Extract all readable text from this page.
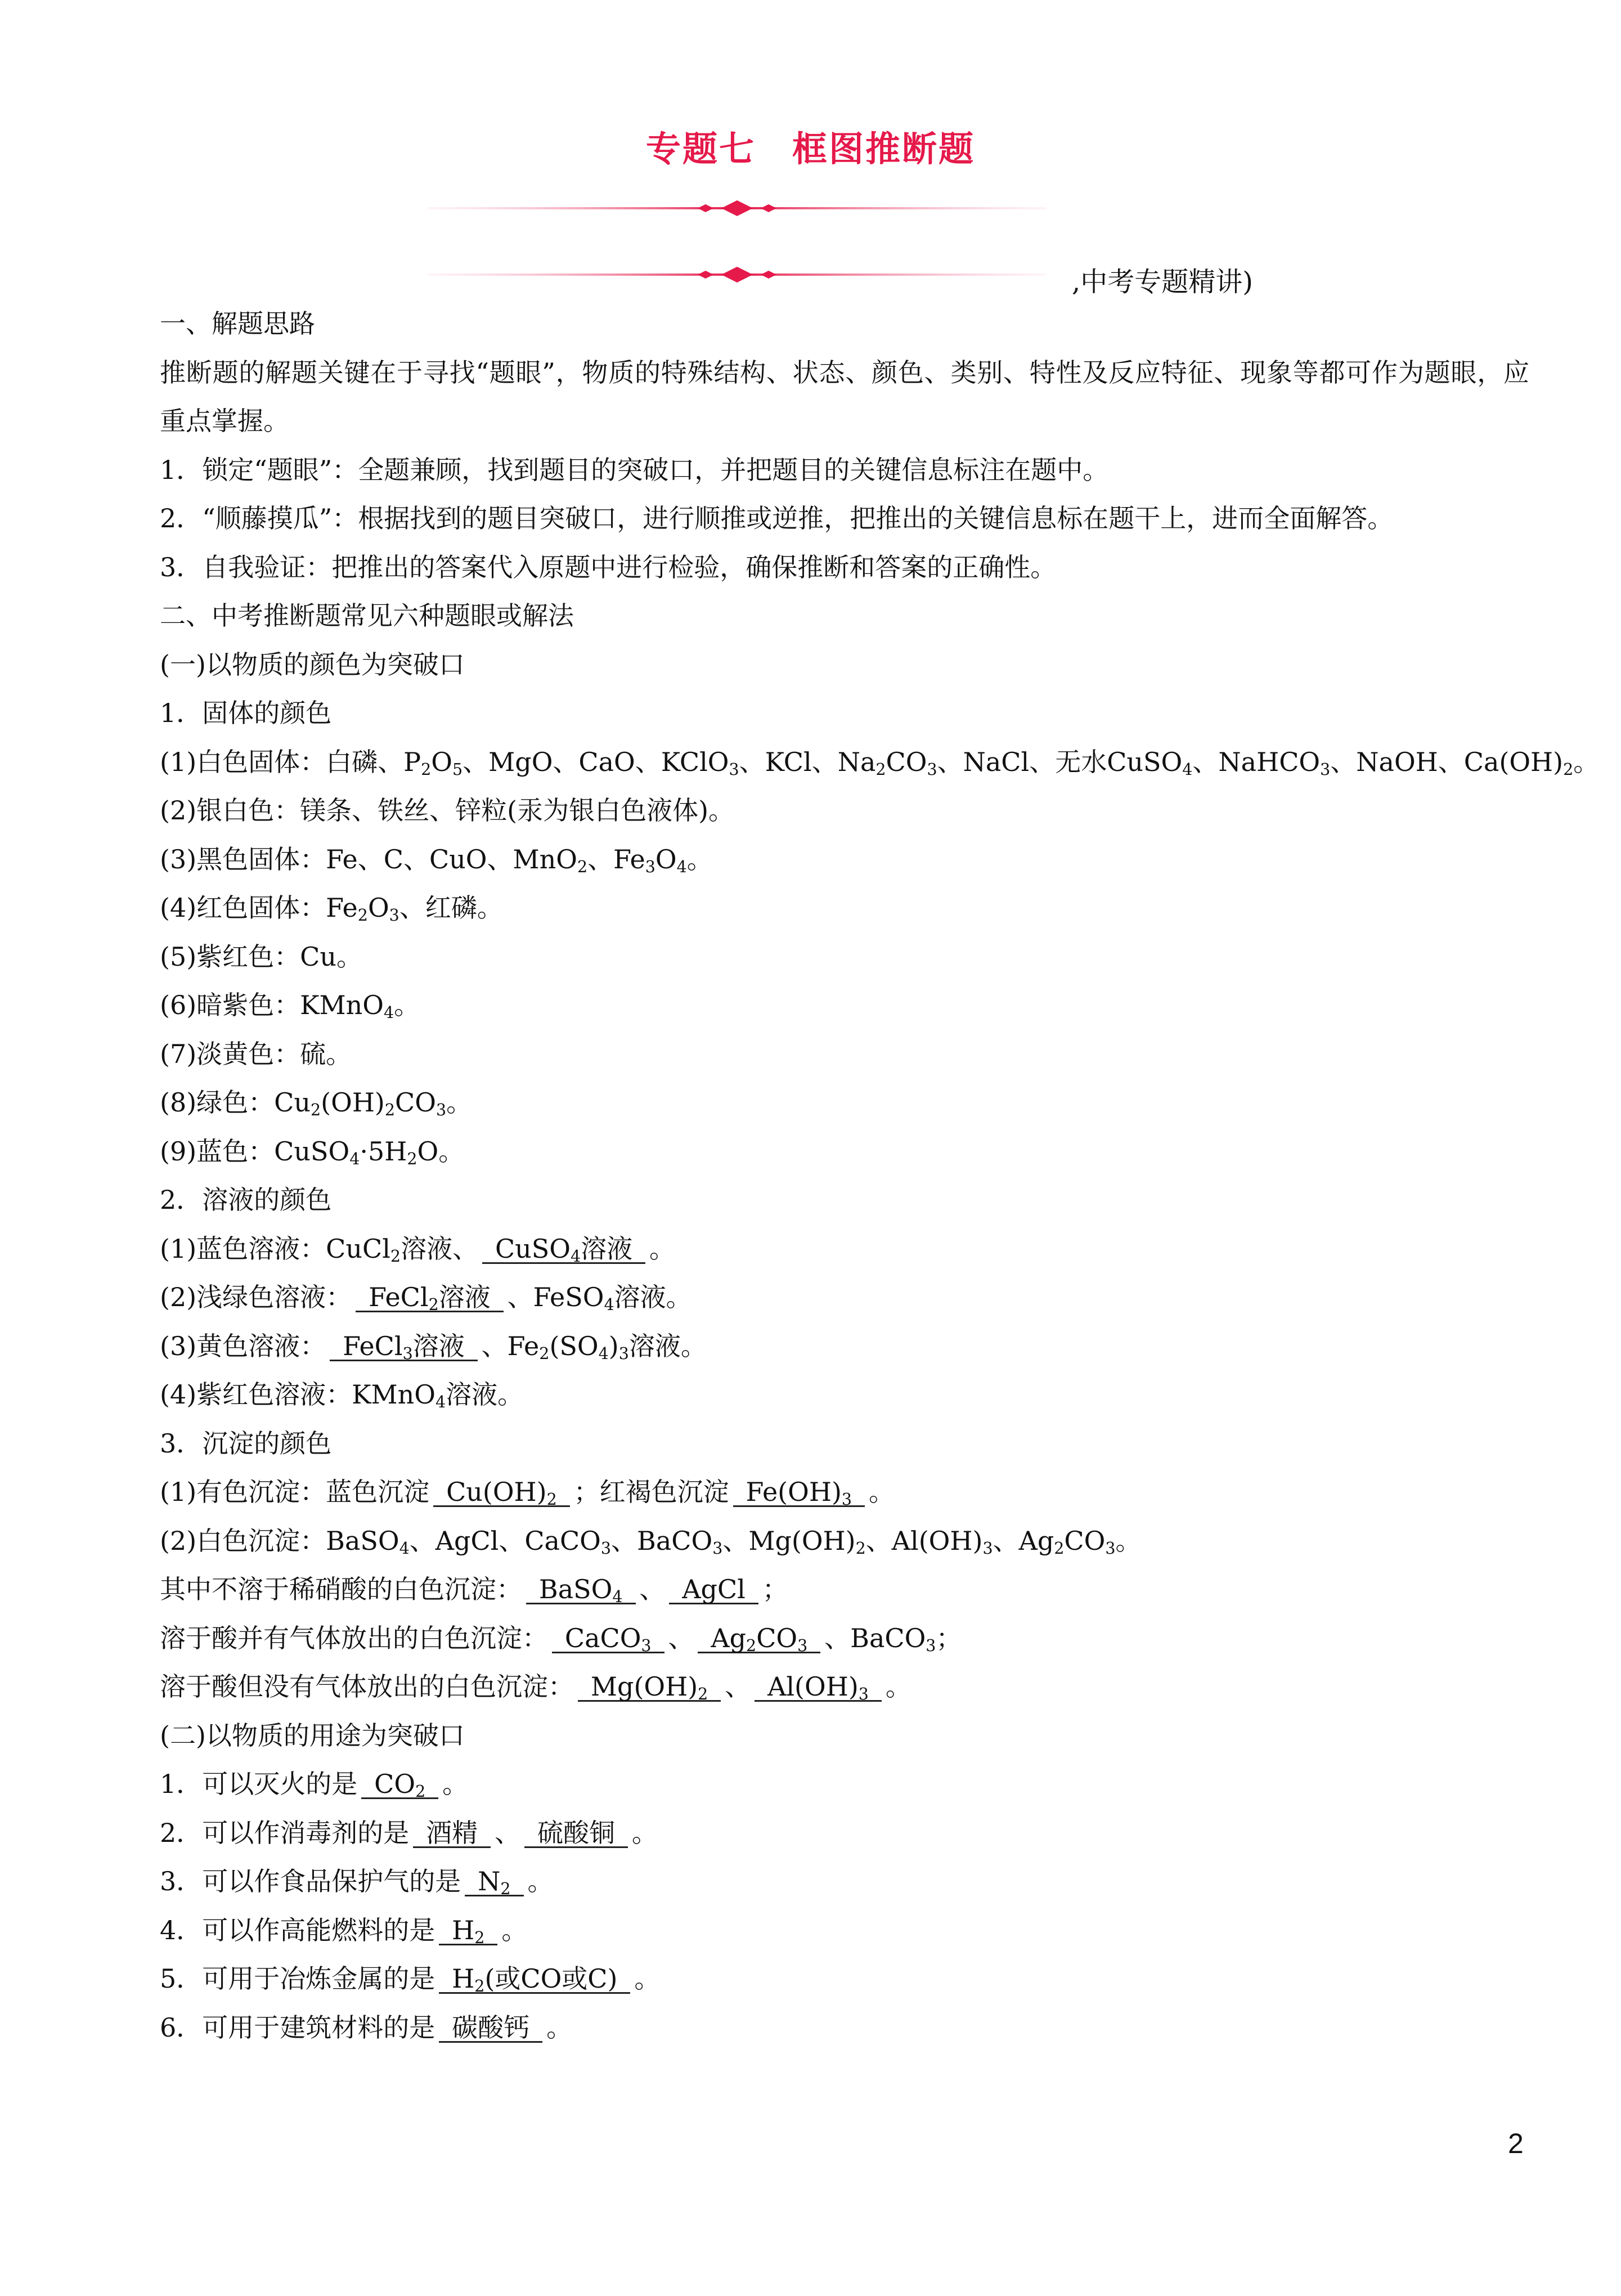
专题七　框图推断题
,中考专题精讲)
一、解题思路
推断题的解题关键在于寻找“题眼”，物质的特殊结构、状态、颜色、类别、特性及反应特征、现象等都可作为题眼，应重点掌握。
1．锁定“题眼”：全题兼顾，找到题目的突破口，并把题目的关键信息标注在题中。
2．“顺藤摸瓜”：根据找到的题目突破口，进行顺推或逆推，把推出的关键信息标在题干上，进而全面解答。
3．自我验证：把推出的答案代入原题中进行检验，确保推断和答案的正确性。
二、中考推断题常见六种题眼或解法
(一)以物质的颜色为突破口
1．固体的颜色
(1)白色固体：白磷、$P_2O_5$、MgO、CaO、KClO$_3$、KCl、$Na_2CO_3$、NaCl、无水CuSO$_4$、NaHCO$_3$、NaOH、$Ca(OH)_2$。
(2)银白色：镁条、铁丝、锌粒(汞为银白色液体)。
(3)黑色固体：Fe、C、CuO、MnO$_2$、$Fe_3O_4$。
(4)红色固体：$Fe_2O_3$、红磷。
(5)紫红色：Cu。
(6)暗紫色：KMnO$_4$。
(7)淡黄色：硫。
(8)绿色：$Cu_2(OH)_2CO_3$。
(9)蓝色：$CuSO_4\cdot 5H_2O$。
2．溶液的颜色
(1)蓝色溶液：CuCl$_2$溶液、 CuSO$_4$溶液 。
(2)浅绿色溶液： FeCl$_2$溶液 、FeSO$_4$溶液。
(3)黄色溶液： FeCl$_3$溶液 、$Fe_2(SO_4)_3$溶液。
(4)紫红色溶液：KMnO$_4$溶液。
3．沉淀的颜色
(1)有色沉淀：蓝色沉淀 $Cu(OH)_2$ ；红褐色沉淀 $Fe(OH)_3$ 。
(2)白色沉淀：BaSO$_4$、AgCl、CaCO$_3$、BaCO$_3$、$Mg(OH)_2$、$Al(OH)_3$、$Ag_2CO_3$。
其中不溶于稀硝酸的白色沉淀： BaSO$_4$ 、 AgCl ；
溶于酸并有气体放出的白色沉淀： CaCO$_3$ 、 $Ag_2CO_3$ 、BaCO$_3$；
溶于酸但没有气体放出的白色沉淀： $Mg(OH)_2$ 、 $Al(OH)_3$ 。
(二)以物质的用途为突破口
1．可以灭火的是 $CO_2$ 。
2．可以作消毒剂的是 酒精 、 硫酸铜 。
3．可以作食品保护气的是 $N_2$ 。
4．可以作高能燃料的是 $H_2$ 。
5．可用于冶炼金属的是 $H_2$(或CO或C) 。
6．可用于建筑材料的是 碳酸钙 。
2
